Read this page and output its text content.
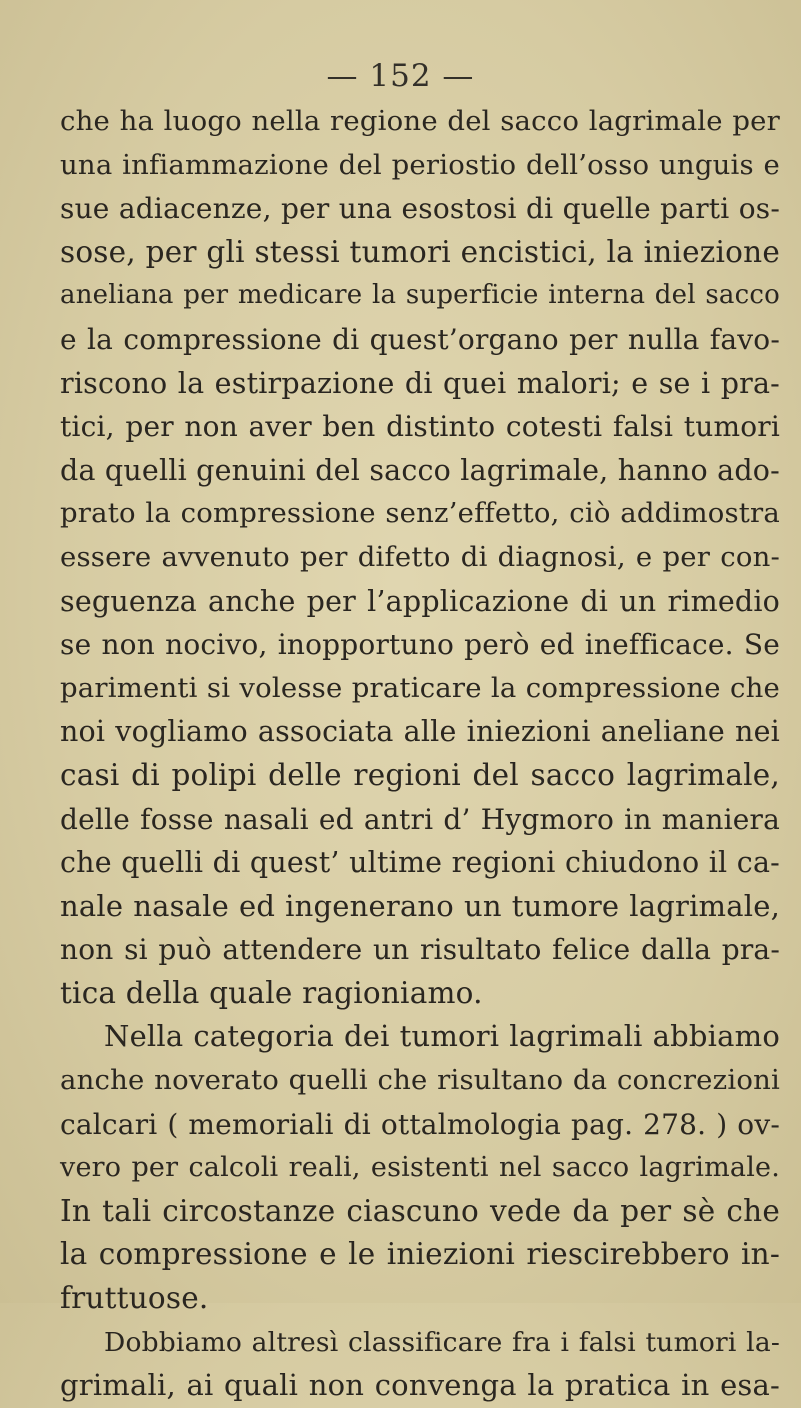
— 152 —
che ha luogo nella regione del sacco lagrimale per
una infiammazione del periostio dell’osso unguis e
sue adiacenze, per una esostosi di quelle parti os-
sose, per gli stessi tumori encistici, la iniezione
aneliana per medicare la superficie interna del sacco
e la compressione di quest’organo per nulla favo-
riscono la estirpazione di quei malori; e se i pra-
tici, per non aver ben distinto cotesti falsi tumori
da quelli genuini del sacco lagrimale, hanno ado-
prato la compressione senz’effetto, ciò addimostra
essere avvenuto per difetto di diagnosi, e per con-
seguenza anche per l’applicazione di un rimedio
se non nocivo, inopportuno però ed inefficace. Se
parimenti si volesse praticare la compressione che
noi vogliamo associata alle iniezioni aneliane nei
casi di polipi delle regioni del sacco lagrimale,
delle fosse nasali ed antri d’ Hygmoro in maniera
che quelli di quest’ ultime regioni chiudono il ca-
nale nasale ed ingenerano un tumore lagrimale,
non si può attendere un risultato felice dalla pra-
tica della quale ragioniamo.
Nella categoria dei tumori lagrimali abbiamo
anche noverato quelli che risultano da concrezioni
calcari ( memoriali di ottalmologia pag. 278. ) ov-
vero per calcoli reali, esistenti nel sacco lagrimale.
In tali circostanze ciascuno vede da per sè che
la compressione e le iniezioni riescirebbero in-
fruttuose.
Dobbiamo altresì classificare fra i falsi tumori la-
grimali, ai quali non convenga la pratica in esa-
